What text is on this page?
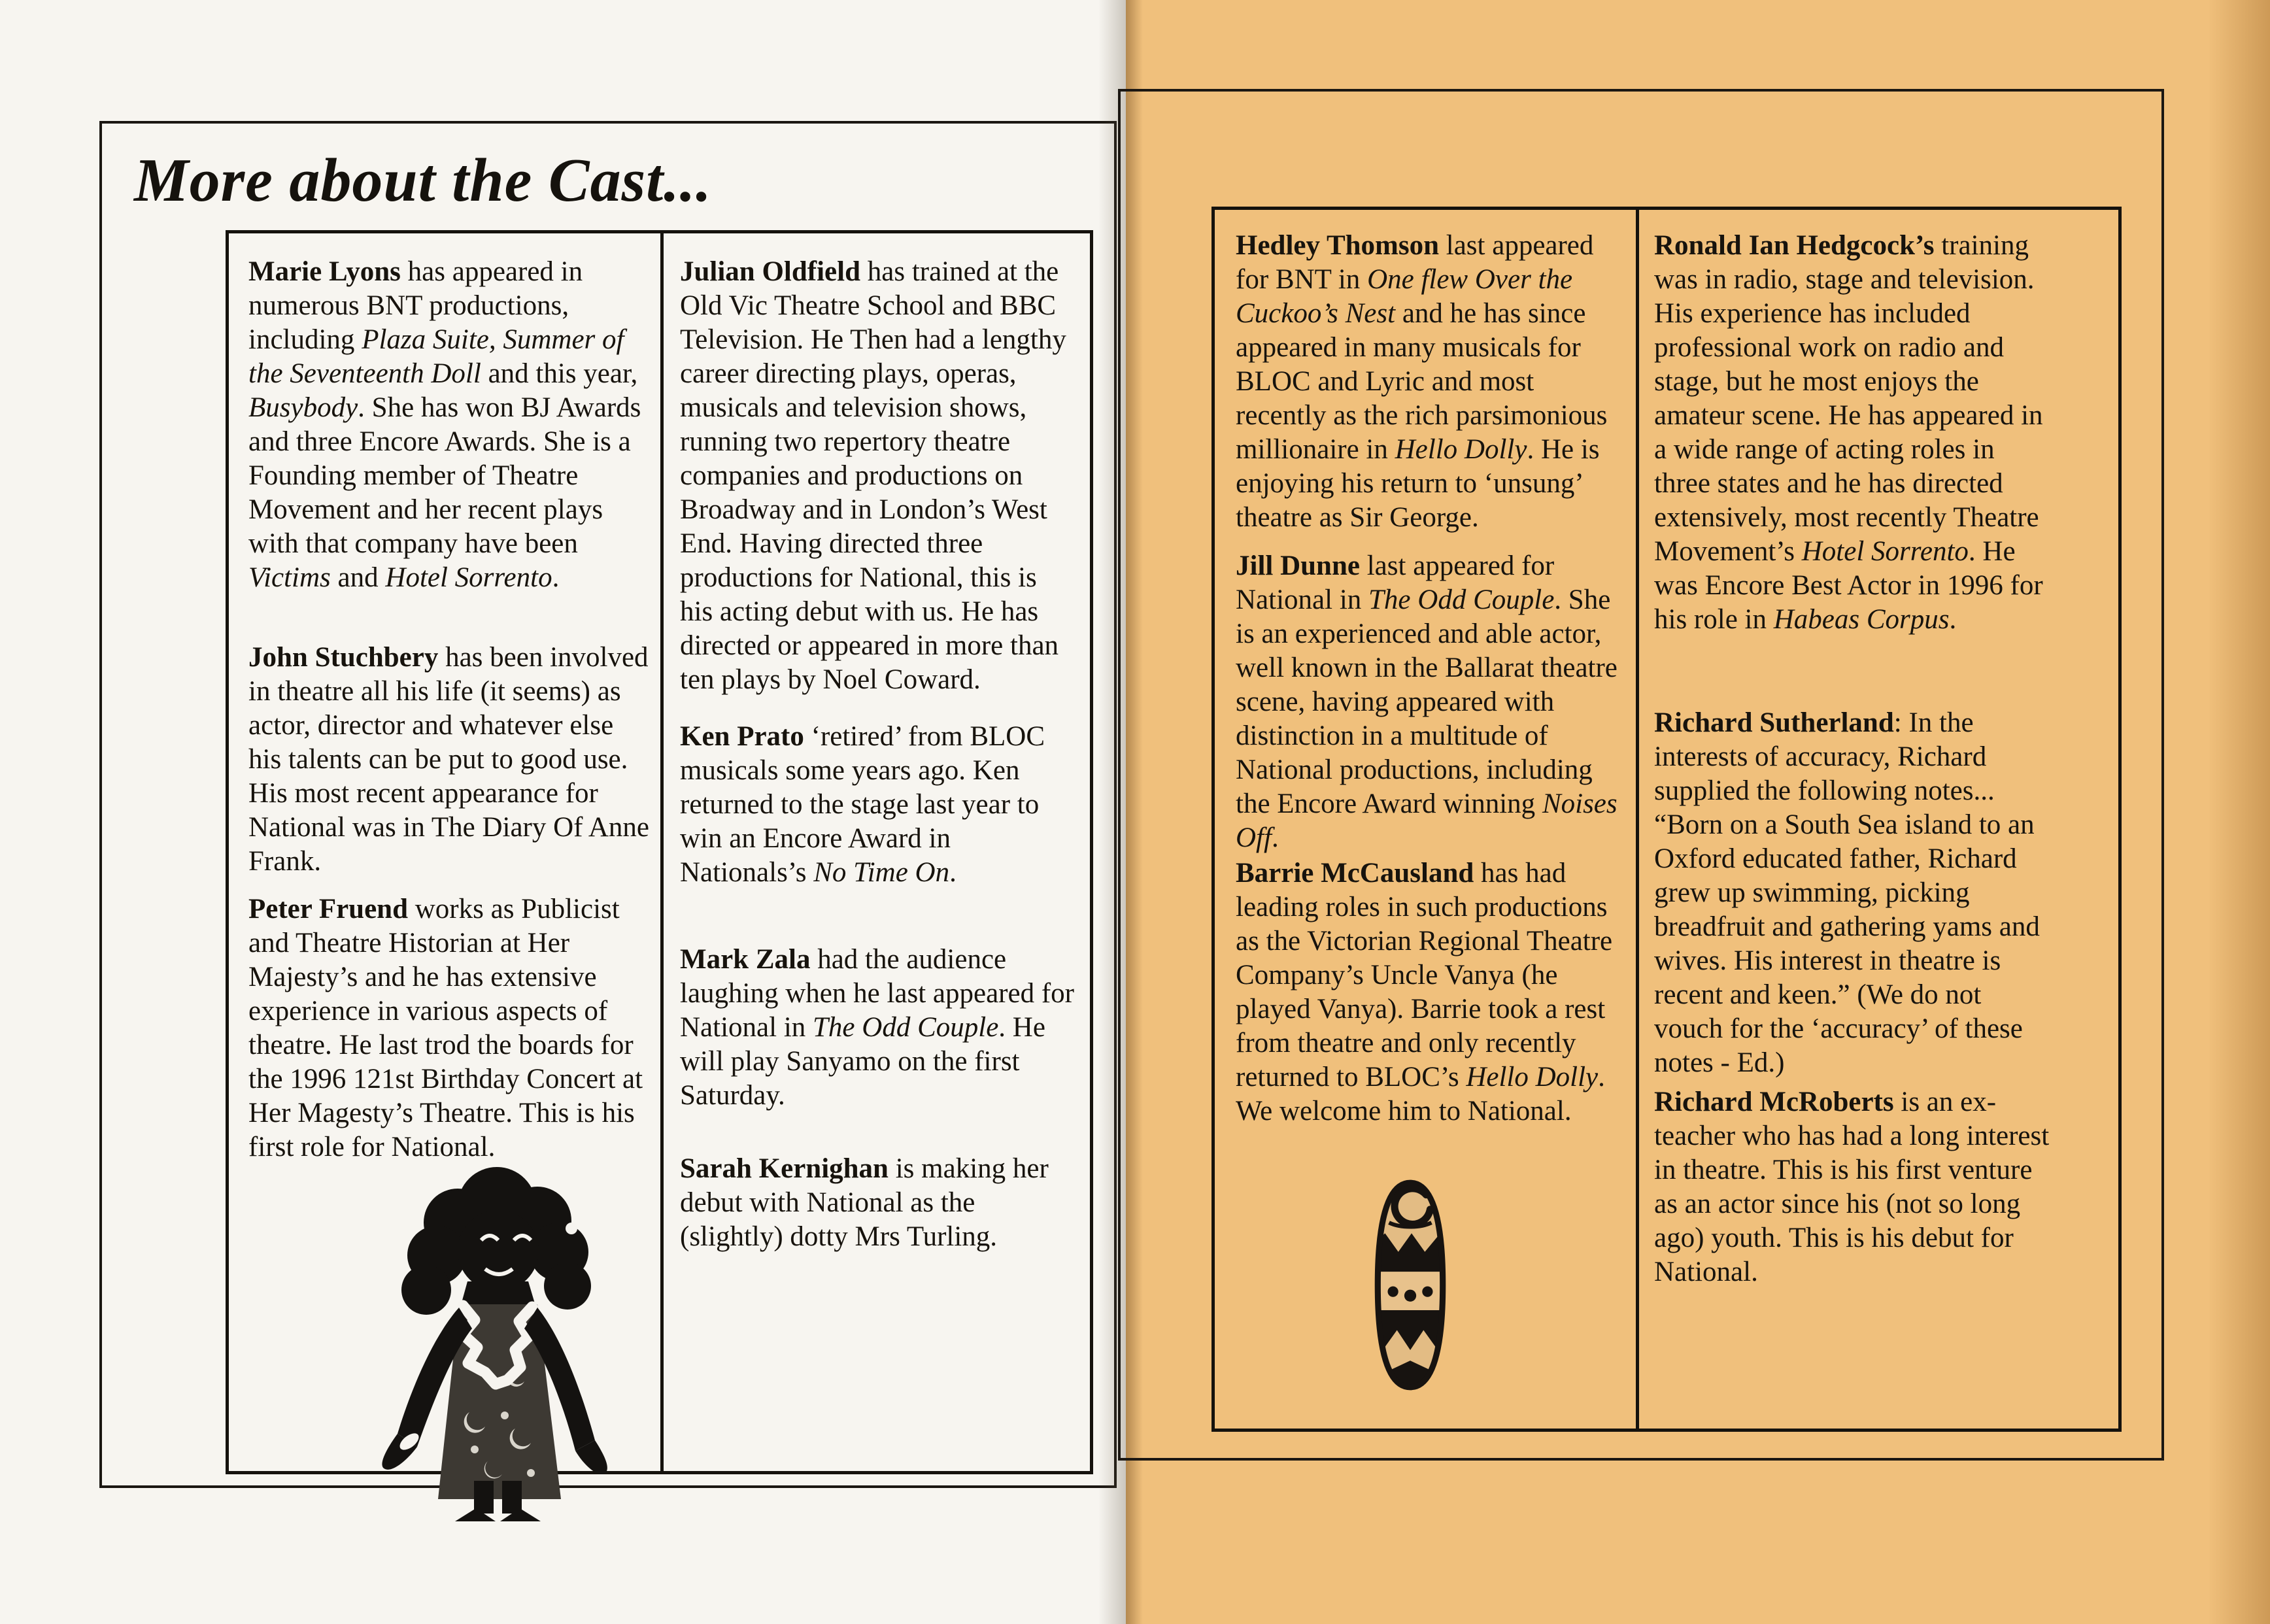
More about the Cast...
Marie Lyons has appeared in numerous BNT productions, including Plaza Suite, Summer of the Seventeenth Doll and this year, Busybody. She has won BJ Awards and three Encore Awards. She is a Founding member of Theatre Movement and her recent plays with that company have been Victims and Hotel Sorrento.
John Stuchbery has been involved in theatre all his life (it seems) as actor, director and whatever else his talents can be put to good use. His most recent appearance for National was in The Diary Of Anne Frank.
Peter Fruend works as Publicist and Theatre Historian at Her Majesty’s and he has extensive experience in various aspects of theatre. He last trod the boards for the 1996 121st Birthday Concert at Her Magesty’s Theatre. This is his first role for National.
Julian Oldfield has trained at the Old Vic Theatre School and BBC Television. He Then had a lengthy career directing plays, operas, musicals and television shows, running two repertory theatre companies and productions on Broadway and in London’s West End. Having directed three productions for National, this is his acting debut with us. He has directed or appeared in more than ten plays by Noel Coward.
Ken Prato ‘retired’ from BLOC musicals some years ago. Ken returned to the stage last year to win an Encore Award in Nationals’s No Time On.
Mark Zala had the audience laughing when he last appeared for National in The Odd Couple. He will play Sanyamo on the first Saturday.
Sarah Kernighan is making her debut with National as the (slightly) dotty Mrs Turling.
Hedley Thomson last appeared for BNT in One flew Over the Cuckoo’s Nest and he has since appeared in many musicals for BLOC and Lyric and most recently as the rich parsimonious millionaire in Hello Dolly. He is enjoying his return to ‘unsung’ theatre as Sir George.
Jill Dunne last appeared for National in The Odd Couple. She is an experienced and able actor, well known in the Ballarat theatre scene, having appeared with distinction in a multitude of National productions, including the Encore Award winning Noises Off.
Barrie McCausland has had leading roles in such productions as the Victorian Regional Theatre Company’s Uncle Vanya (he played Vanya). Barrie took a rest from theatre and only recently returned to BLOC’s Hello Dolly. We welcome him to National.
Ronald Ian Hedgcock’s training was in radio, stage and television. His experience has included professional work on radio and stage, but he most enjoys the amateur scene. He has appeared in a wide range of acting roles in three states and he has directed extensively, most recently Theatre Movement’s Hotel Sorrento. He was Encore Best Actor in 1996 for his role in Habeas Corpus.
Richard Sutherland: In the interests of accuracy, Richard supplied the following notes... “Born on a South Sea island to an Oxford educated father, Richard grew up swimming, picking breadfruit and gathering yams and wives. His interest in theatre is recent and keen.” (We do not vouch for the ‘accuracy’ of these notes - Ed.)
Richard McRoberts is an ex-teacher who has had a long interest in theatre. This is his first venture as an actor since his (not so long ago) youth. This is his debut for National.
